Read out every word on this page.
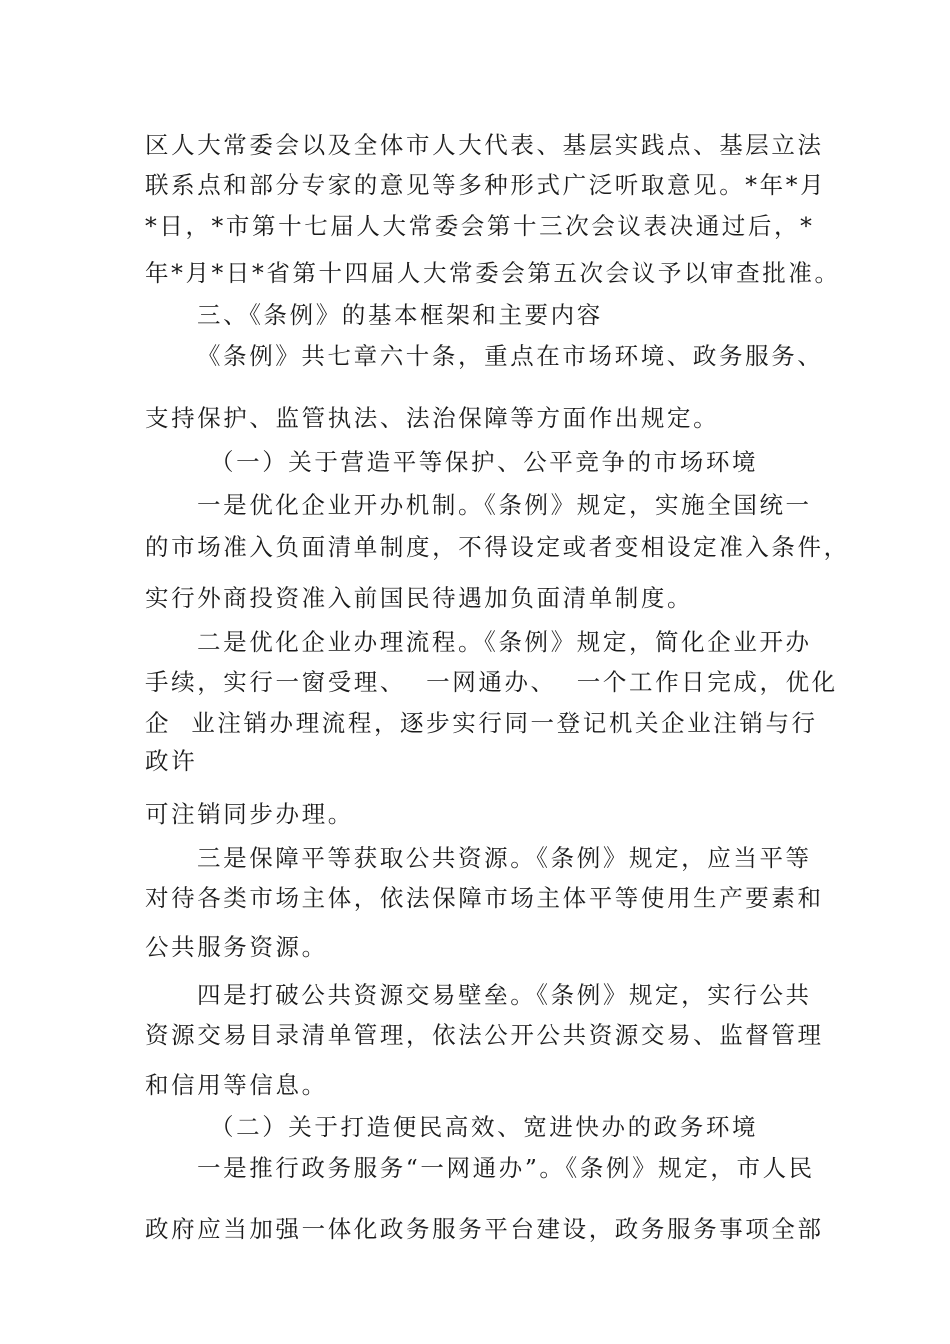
区人大常委会以及全体市人大代表、基层实践点、基层立法
联系点和部分专家的意见等多种形式广泛听取意见。*年*月
*日，*市第十七届人大常委会第十三次会议表决通过后，*
年*月*日*省第十四届人大常委会第五次会议予以审查批准。
三、《条例》的基本框架和主要内容
《条例》共七章六十条，重点在市场环境、政务服务、
支持保护、监管执法、法治保障等方面作出规定。
（一）关于营造平等保护、公平竞争的市场环境
一是优化企业开办机制。《条例》规定，实施全国统一
的市场准入负面清单制度，不得设定或者变相设定准入条件，
实行外商投资准入前国民待遇加负面清单制度。
二是优化企业办理流程。《条例》规定，简化企业开办
手续，实行一窗受理、  一网通办、  一个工作日完成，优化
企  业注销办理流程，逐步实行同一登记机关企业注销与行
政许
可注销同步办理。
三是保障平等获取公共资源。《条例》规定，应当平等
对待各类市场主体，依法保障市场主体平等使用生产要素和
公共服务资源。
四是打破公共资源交易壁垒。《条例》规定，实行公共
资源交易目录清单管理，依法公开公共资源交易、监督管理
和信用等信息。
（二）关于打造便民高效、宽进快办的政务环境
一是推行政务服务“一网通办”。《条例》规定，市人民
政府应当加强一体化政务服务平台建设，政务服务事项全部
